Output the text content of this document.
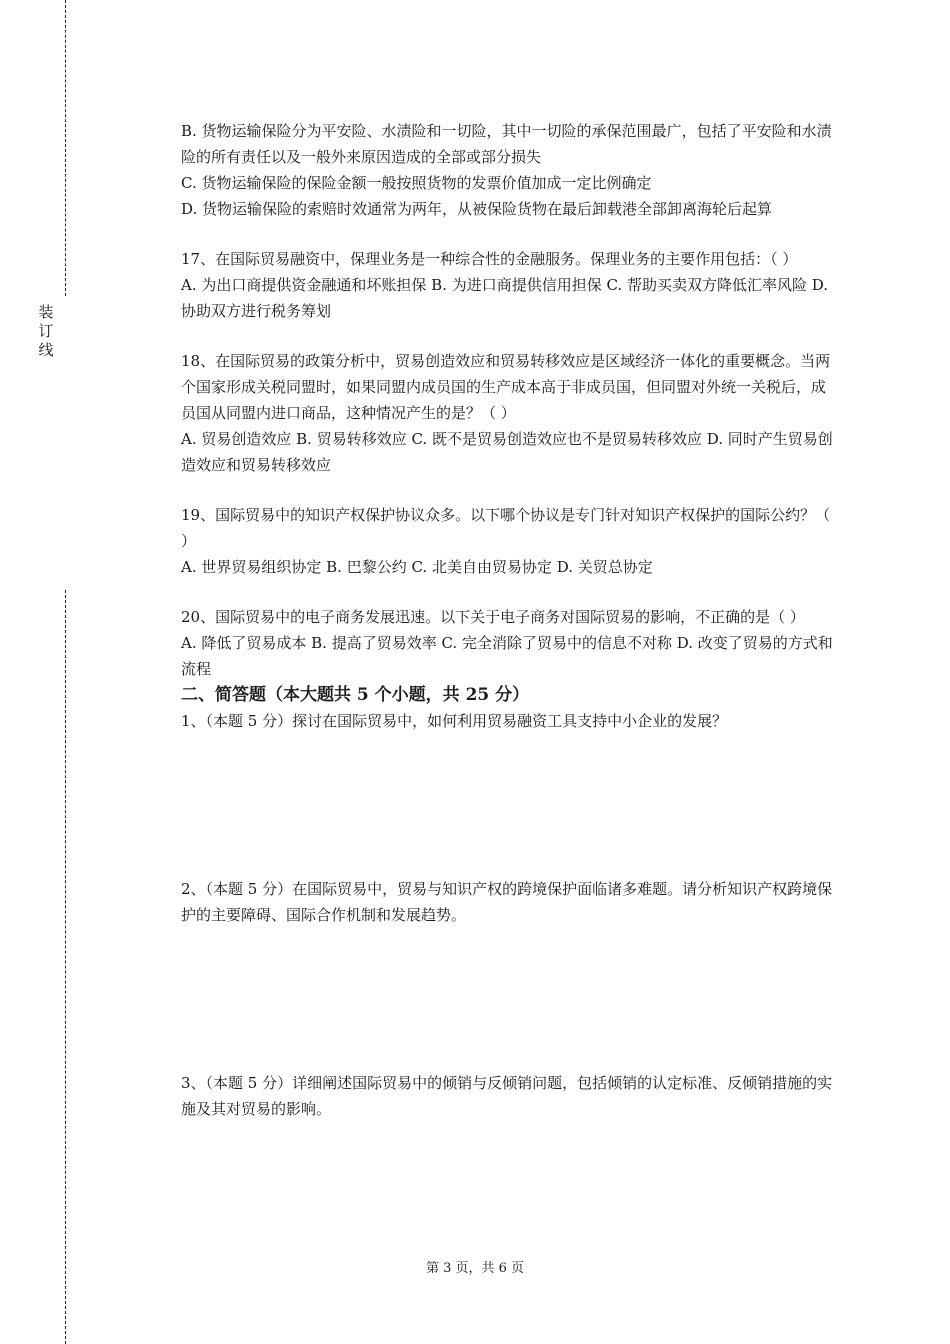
装订线

B. 货物运输保险分为平安险、水渍险和一切险，其中一切险的承保范围最广，包括了平安险和水渍险的所有责任以及一般外来原因造成的全部或部分损失

C. 货物运输保险的保险金额一般按照货物的发票价值加成一定比例确定

D. 货物运输保险的索赔时效通常为两年，从被保险货物在最后卸载港全部卸离海轮后起算

17、在国际贸易融资中，保理业务是一种综合性的金融服务。保理业务的主要作用包括：（ ）

A. 为出口商提供资金融通和坏账担保 B. 为进口商提供信用担保 C. 帮助买卖双方降低汇率风险 D. 协助双方进行税务筹划

18、在国际贸易的政策分析中，贸易创造效应和贸易转移效应是区域经济一体化的重要概念。当两个国家形成关税同盟时，如果同盟内成员国的生产成本高于非成员国，但同盟对外统一关税后，成员国从同盟内进口商品，这种情况产生的是？（ ）

A. 贸易创造效应 B. 贸易转移效应 C. 既不是贸易创造效应也不是贸易转移效应 D. 同时产生贸易创造效应和贸易转移效应

19、国际贸易中的知识产权保护协议众多。以下哪个协议是专门针对知识产权保护的国际公约？（ ）

A. 世界贸易组织协定 B. 巴黎公约 C. 北美自由贸易协定 D. 关贸总协定

20、国际贸易中的电子商务发展迅速。以下关于电子商务对国际贸易的影响，不正确的是（ ）

A. 降低了贸易成本 B. 提高了贸易效率 C. 完全消除了贸易中的信息不对称 D. 改变了贸易的方式和流程

二、简答题（本大题共 5 个小题，共 25 分）

1、（本题 5 分）探讨在国际贸易中，如何利用贸易融资工具支持中小企业的发展？

2、（本题 5 分）在国际贸易中，贸易与知识产权的跨境保护面临诸多难题。请分析知识产权跨境保护的主要障碍、国际合作机制和发展趋势。

3、（本题 5 分）详细阐述国际贸易中的倾销与反倾销问题，包括倾销的认定标准、反倾销措施的实施及其对贸易的影响。

第 3 页，共 6 页
